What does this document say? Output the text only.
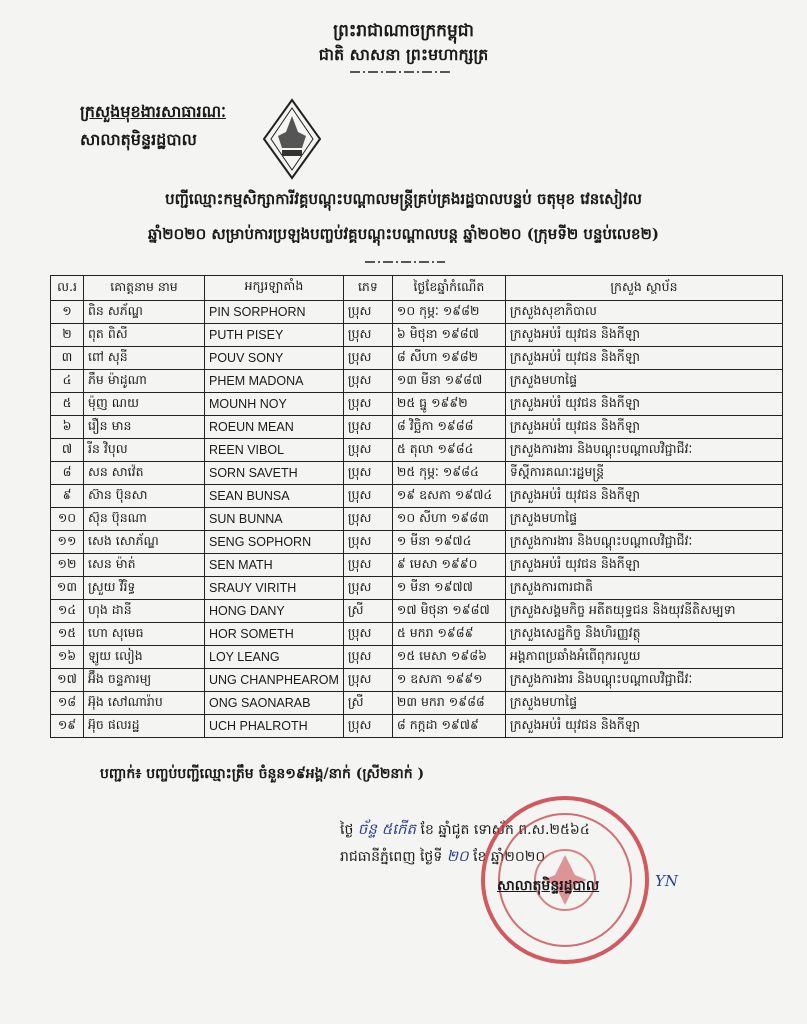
ព្រះរាជាណាចក្រកម្ពុជា
ជាតិ សាសនា ព្រះមហាក្សត្រ
ក្រសួងមុខងារសាធារណៈ
សាលាតុមិន្ទរដ្ឋបាល
បញ្ជីឈ្មោះកម្មសិក្សាការីវគ្គបណ្តុះបណ្តាលមន្ត្រីគ្រប់គ្រងរដ្ឋបាលបន្ទប់ ចតុមុខ វេនសៀវល
ឆ្នាំ២០២០ សម្រាប់ការប្រឡងបញ្ចប់វគ្គបណ្តុះបណ្តាលបន្ត ឆ្នាំ២០២០ (ក្រុមទី២ បន្ទប់លេខ២)
ល.រ	គោត្តនាម នាម	អក្សរឡាតាំង	ភេទ	ថ្ងៃខែឆ្នាំកំណើត	ក្រសួង ស្ថាប័ន
១	ពិន សភ័ណ្ឌ	PIN SORPHORN	ប្រុស	១០ កុម្ភៈ ១៩៨២	ក្រសួងសុខាភិបាល
២	ពុត ពិសី	PUTH PISEY	ប្រុស	៦ មិថុនា ១៩៨៧	ក្រសួងអប់រំ យុវជន និងកីឡា
៣	ពៅ សុនី	POUV SONY	ប្រុស	៨ សីហា ១៩៨២	ក្រសួងអប់រំ យុវជន និងកីឡា
៤	ភឹម ម៉ាដូណា	PHEM MADONA	ប្រុស	១៣ មីនា ១៩៨៧	ក្រសួងមហាផ្ទៃ
៥	ម៉ុញ ណយ	MOUNH NOY	ប្រុស	២៥ ធ្នូ ១៩៩២	ក្រសួងអប់រំ យុវជន និងកីឡា
៦	រឿន មាន	ROEUN MEAN	ប្រុស	៨ វិច្ឆិកា ១៩៨៨	ក្រសួងអប់រំ យុវជន និងកីឡា
៧	រីន វិបុល	REEN VIBOL	ប្រុស	៥ តុលា ១៩៨៤	ក្រសួងការងារ និងបណ្តុះបណ្តាលវិជ្ជាជីវៈ
៨	សន សាវ៉េត	SORN SAVETH	ប្រុស	២៥ កុម្ភៈ ១៩៨៤	ទីស្តីការគណៈរដ្ឋមន្ត្រី
៩	ស៊ាន ប៊ុនសា	SEAN BUNSA	ប្រុស	១៩ ឧសភា ១៩៧៤	ក្រសួងអប់រំ យុវជន និងកីឡា
១០	ស៊ុន ប៊ុនណា	SUN BUNNA	ប្រុស	១០ សីហា ១៩៨៣	ក្រសួងមហាផ្ទៃ
១១	សេង សោភ័ណ្ឌ	SENG SOPHORN	ប្រុស	១ មីនា ១៩៧៤	ក្រសួងការងារ និងបណ្តុះបណ្តាលវិជ្ជាជីវៈ
១២	សេន ម៉ាត់	SEN MATH	ប្រុស	៩ មេសា ១៩៩០	ក្រសួងអប់រំ យុវជន និងកីឡា
១៣	ស្រួយ វិរិទ្ធ	SRAUY VIRITH	ប្រុស	១ មីនា ១៩៧៧	ក្រសួងការពារជាតិ
១៤	ហុង ដានី	HONG DANY	ស្រី	១៧ មិថុនា ១៩៨៧	ក្រសួងសង្គមកិច្ច អតីតយុទ្ធជន និងយុវនីតិសម្បទា
១៥	ហោ សុមេធ	HOR SOMETH	ប្រុស	៥ មករា ១៩៨៩	ក្រសួងសេដ្ឋកិច្ច និងហិរញ្ញវត្ថុ
១៦	ឡូយ លៀង	LOY LEANG	ប្រុស	១៥ មេសា ១៩៨៦	អង្គភាពប្រឆាំងអំពើពុករលួយ
១៧	អ៊ឹង ចន្ទភារម្យ	UNG CHANPHEAROM	ប្រុស	១ ឧសភា ១៩៩១	ក្រសួងការងារ និងបណ្តុះបណ្តាលវិជ្ជាជីវៈ
១៨	អ៊ុង សៅណារ៉ាប	ONG SAONARAB	ស្រី	២៣ មករា ១៩៨៨	ក្រសួងមហាផ្ទៃ
១៩	អ៊ុច ផលរដ្ឋ	UCH PHALROTH	ប្រុស	៨ កក្កដា ១៩៧៩	ក្រសួងអប់រំ យុវជន និងកីឡា
បញ្ជាក់៖ បញ្ចប់បញ្ជីឈ្មោះត្រឹម ចំនួន១៩អង្គ/នាក់ (ស្រី២នាក់ )
ថ្ងៃ ច័ន្ទ ៥កើត ខែ ឆ្នាំជូត ទោស័ក ព.ស.២៥៦៤
រាជធានីភ្នំពេញ ថ្ងៃទី ២០ ខែ ឆ្នាំ២០២០
សាលាតុមិន្ទរដ្ឋបាល	YN
